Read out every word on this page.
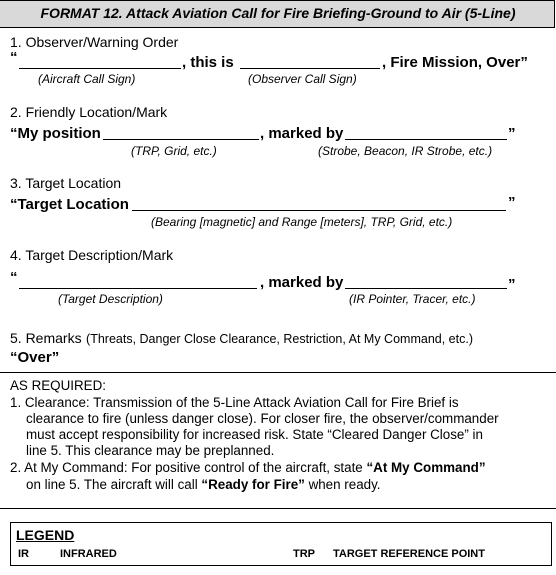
FORMAT 12. Attack Aviation Call for Fire Briefing-Ground to Air (5-Line)
1. Observer/Warning Order
“	, this is	, Fire Mission, Over”
(Aircraft Call Sign)	(Observer Call Sign)
2. Friendly Location/Mark
“My position	, marked by	”
(TRP, Grid, etc.)	(Strobe, Beacon, IR Strobe, etc.)
3. Target Location
“Target Location	”
(Bearing [magnetic] and Range [meters], TRP, Grid, etc.)
4. Target Description/Mark
“	, marked by	”
(Target Description)	(IR Pointer, Tracer, etc.)
5. Remarks (Threats, Danger Close Clearance, Restriction, At My Command, etc.)
“Over”
AS REQUIRED:
1. Clearance: Transmission of the 5-Line Attack Aviation Call for Fire Brief is
clearance to fire (unless danger close). For closer fire, the observer/commander
must accept responsibility for increased risk. State “Cleared Danger Close” in
line 5. This clearance may be preplanned.
2. At My Command: For positive control of the aircraft, state “At My Command”
on line 5. The aircraft will call “Ready for Fire” when ready.
LEGEND
IR	INFRARED	TRP TARGET REFERENCE POINT
